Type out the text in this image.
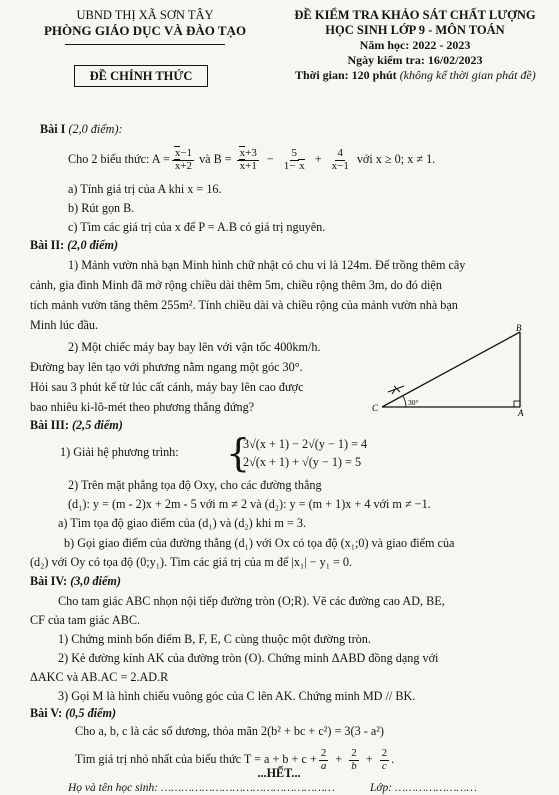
UBND THỊ XÃ SƠN TÂY
PHÒNG GIÁO DỤC VÀ ĐÀO TẠO
ĐỀ CHÍNH THỨC
ĐỀ KIỂM TRA KHẢO SÁT CHẤT LƯỢNG
HỌC SINH LỚP 9 - MÔN TOÁN
Năm học: 2022 - 2023
Ngày kiểm tra: 16/02/2023
Thời gian: 120 phút (không kể thời gian phát đề)
Bài I (2,0 điểm):
Cho 2 biểu thức: $A = \frac{x-1}{x+2}$ và $B = \frac{x+3}{x+1} - \frac{5}{1- x} + \frac{4}{x-1}$ với x ≥ 0; x ≠ 1.
a) Tính giá trị của A khi x = 16.
b) Rút gọn B.
c) Tìm các giá trị của x để P = A.B có giá trị nguyên.
Bài II: (2,0 điểm)
1) Mảnh vườn nhà bạn Minh hình chữ nhật có chu vi là 124m. Để trồng thêm cây
cảnh, gia đình Minh đã mở rộng chiều dài thêm 5m, chiều rộng thêm 3m, do đó diện
tích mảnh vườn tăng thêm 255m². Tính chiều dài và chiều rộng của mảnh vườn nhà bạn
Minh lúc đầu.
2) Một chiếc máy bay bay lên với vận tốc 400km/h.
Đường bay lên tạo với phương nằm ngang một góc 30°.
Hỏi sau 3 phút kể từ lúc cất cánh, máy bay lên cao được
bao nhiêu ki-lô-mét theo phương thẳng đứng?
B
C	A
30°
Bài III: (2,5 điểm)
1) Giải hệ phương trình: {
3√(x + 1) − 2√(y − 1) = 4
2√(x + 1) + √(y − 1) = 5
2) Trên mặt phẳng tọa độ Oxy, cho các đường thẳng
(d₁): y = (m - 2)x + 2m - 5 với m ≠ 2 và (d₂): y = (m + 1)x + 4 với m ≠ −1.
a) Tìm tọa độ giao điểm của (d₁) và (d₂) khi m = 3.
b) Gọi giao điểm của đường thẳng (d₁) với Ox có tọa độ (x₁;0) và giao điểm của
(d₂) với Oy có tọa độ (0;y₁). Tìm các giá trị của m để |x₁| − y₁ = 0.
Bài IV: (3,0 điểm)
Cho tam giác ABC nhọn nội tiếp đường tròn (O;R). Vẽ các đường cao AD, BE,
CF của tam giác ABC.
1) Chứng minh bốn điểm B, F, E, C cùng thuộc một đường tròn.
2) Kẻ đường kính AK của đường tròn (O). Chứng minh ΔABD đồng dạng với
ΔAKC và AB.AC = 2.AD.R
3) Gọi M là hình chiếu vuông góc của C lên AK. Chứng minh MD // BK.
Bài V: (0,5 điểm)
Cho a, b, c là các số dương, thỏa mãn 2(b² + bc + c²) = 3(3 - a²)
Tìm giá trị nhỏ nhất của biểu thức $T = a + b + c + \frac{2}{a} + \frac{2}{b} + \frac{2}{c}$ .
...HẾT...
Họ và tên học sinh: ……………………………………………	Lớp: ……………………
